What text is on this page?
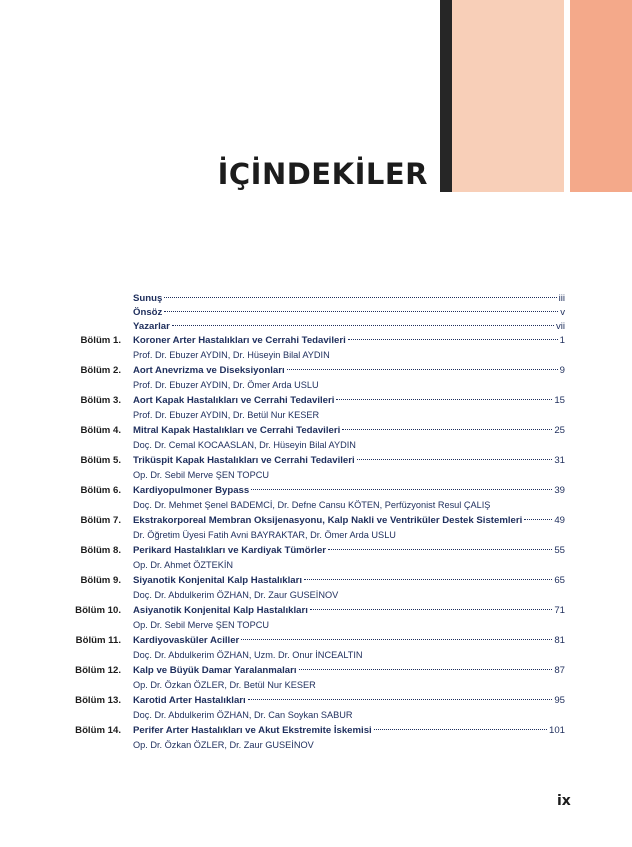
İÇİNDEKİLER
Sunuş	iii
Önsöz	v
Yazarlar	vii
Bölüm 1. Koroner Arter Hastalıkları ve Cerrahi Tedavileri	1
Prof. Dr. Ebuzer AYDIN, Dr. Hüseyin Bilal AYDIN
Bölüm 2. Aort Anevrizma ve Diseksiyonları	9
Prof. Dr. Ebuzer AYDIN, Dr. Ömer Arda USLU
Bölüm 3. Aort Kapak Hastalıkları ve Cerrahi Tedavileri	15
Prof. Dr. Ebuzer AYDIN, Dr. Betül Nur KESER
Bölüm 4. Mitral Kapak Hastalıkları ve Cerrahi Tedavileri	25
Doç. Dr. Cemal KOCAASLAN, Dr. Hüseyin Bilal AYDIN
Bölüm 5. Triküspit Kapak Hastalıkları ve Cerrahi Tedavileri	31
Op. Dr. Sebil Merve ŞEN TOPCU
Bölüm 6. Kardiyopulmoner Bypass	39
Doç. Dr. Mehmet Şenel BADEMCİ, Dr. Defne Cansu KÖTEN, Perfüzyonist Resul ÇALIŞ
Bölüm 7. Ekstrakorporeal Membran Oksijenasyonu, Kalp Nakli ve Ventriküler Destek Sistemleri	49
Dr. Öğretim Üyesi Fatih Avni BAYRAKTAR, Dr. Ömer Arda USLU
Bölüm 8. Perikard Hastalıkları ve Kardiyak Tümörler	55
Op. Dr. Ahmet ÖZTEKİN
Bölüm 9. Siyanotik Konjenital Kalp Hastalıkları	65
Doç. Dr. Abdulkerim ÖZHAN, Dr. Zaur GUSEİNOV
Bölüm 10. Asiyanotik Konjenital Kalp Hastalıkları	71
Op. Dr. Sebil Merve ŞEN TOPCU
Bölüm 11. Kardiyovasküler Aciller	81
Doç. Dr. Abdulkerim ÖZHAN, Uzm. Dr. Onur İNCEALTIN
Bölüm 12. Kalp ve Büyük Damar Yaralanmaları	87
Op. Dr. Özkan ÖZLER, Dr. Betül Nur KESER
Bölüm 13. Karotid Arter Hastalıkları	95
Doç. Dr. Abdulkerim ÖZHAN, Dr. Can Soykan SABUR
Bölüm 14. Perifer Arter Hastalıkları ve Akut Ekstremite İskemisi	101
Op. Dr. Özkan ÖZLER, Dr. Zaur GUSEİNOV
ix
